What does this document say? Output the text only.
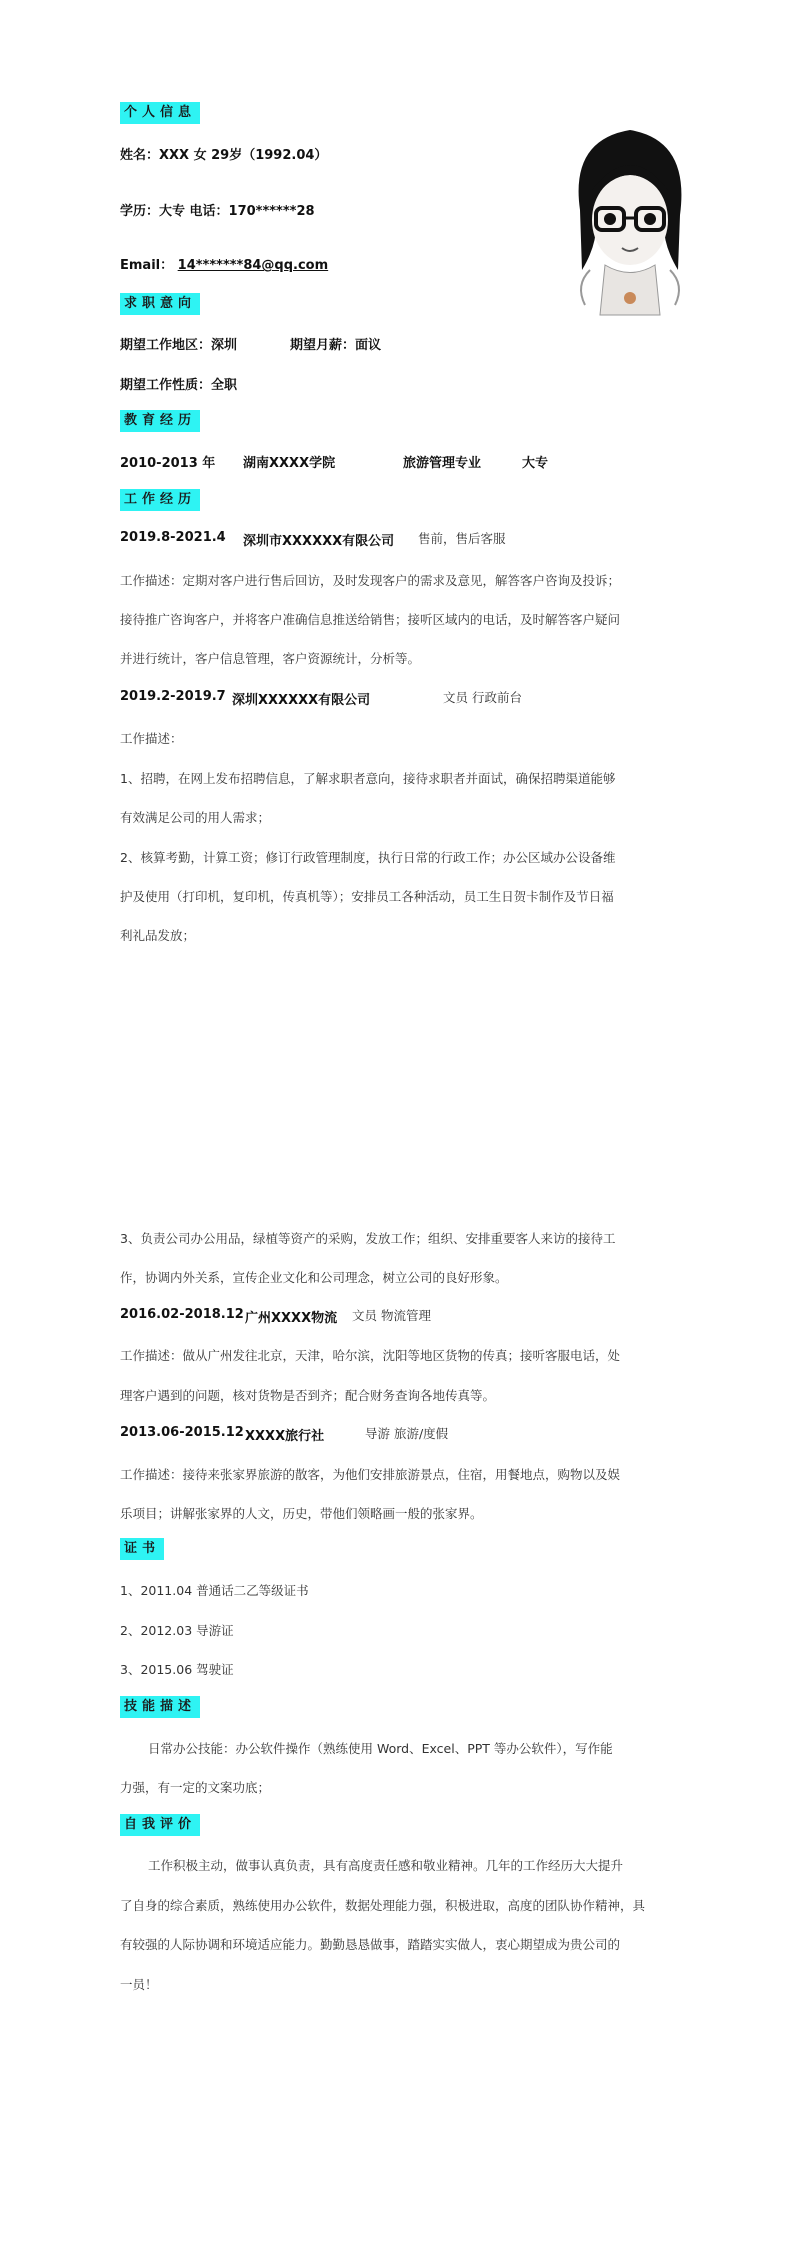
个人信息
姓名：XXX 女 29岁（1992.04）
学历：大专 电话：170******28
Email： 14*******84@qq.com
求职意向
期望工作地区：深圳	期望月薪：面议
期望工作性质：全职
教育经历
2010-2013 年 湖南XXXX学院	旅游管理专业	大专
工作经历
2019.8-2021.4 深圳市XXXXXX有限公司 售前，售后客服
工作描述：定期对客户进行售后回访，及时发现客户的需求及意见，解答客户咨询及投诉；
接待推广咨询客户，并将客户准确信息推送给销售；接听区域内的电话，及时解答客户疑问
并进行统计，客户信息管理，客户资源统计，分析等。
2019.2-2019.7 深圳XXXXXX有限公司	文员 行政前台
工作描述：
1、招聘，在网上发布招聘信息，了解求职者意向，接待求职者并面试，确保招聘渠道能够
有效满足公司的用人需求；
2、核算考勤，计算工资；修订行政管理制度，执行日常的行政工作；办公区域办公设备维
护及使用（打印机，复印机，传真机等）；安排员工各种活动，员工生日贺卡制作及节日福
利礼品发放；
3、负责公司办公用品，绿植等资产的采购，发放工作；组织、安排重要客人来访的接待工
作，协调内外关系，宣传企业文化和公司理念，树立公司的良好形象。
2016.02-2018.12 广州XXXX物流 文员 物流管理
工作描述：做从广州发往北京，天津，哈尔滨，沈阳等地区货物的传真；接听客服电话，处
理客户遇到的问题，核对货物是否到齐；配合财务查询各地传真等。
2013.06-2015.12 XXXX旅行社	导游 旅游/度假
工作描述：接待来张家界旅游的散客，为他们安排旅游景点，住宿，用餐地点，购物以及娱
乐项目；讲解张家界的人文，历史，带他们领略画一般的张家界。
证书
1、2011.04 普通话二乙等级证书
2、2012.03 导游证
3、2015.06 驾驶证
技能描述
日常办公技能：办公软件操作（熟练使用 Word、Excel、PPT 等办公软件），写作能
力强，有一定的文案功底；
自我评价
工作积极主动，做事认真负责，具有高度责任感和敬业精神。几年的工作经历大大提升
了自身的综合素质，熟练使用办公软件，数据处理能力强，积极进取，高度的团队协作精神，具
有较强的人际协调和环境适应能力。勤勤恳恳做事，踏踏实实做人，衷心期望成为贵公司的
一员！
